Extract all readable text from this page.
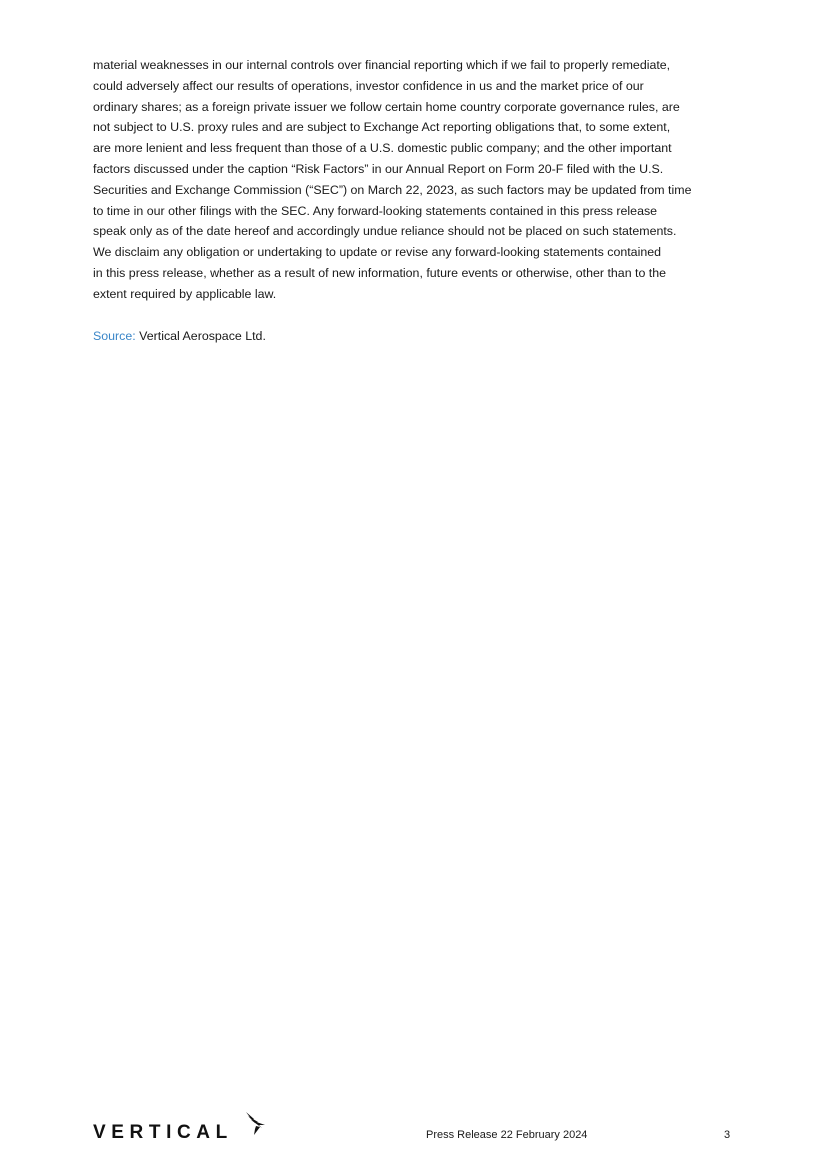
material weaknesses in our internal controls over financial reporting which if we fail to properly remediate,
could adversely affect our results of operations, investor confidence in us and the market price of our
ordinary shares; as a foreign private issuer we follow certain home country corporate governance rules, are
not subject to U.S. proxy rules and are subject to Exchange Act reporting obligations that, to some extent,
are more lenient and less frequent than those of a U.S. domestic public company; and the other important
factors discussed under the caption “Risk Factors” in our Annual Report on Form 20-F filed with the U.S.
Securities and Exchange Commission (“SEC”) on March 22, 2023, as such factors may be updated from time
to time in our other filings with the SEC. Any forward-looking statements contained in this press release
speak only as of the date hereof and accordingly undue reliance should not be placed on such statements.
We disclaim any obligation or undertaking to update or revise any forward-looking statements contained
in this press release, whether as a result of new information, future events or otherwise, other than to the
extent required by applicable law.

Source: Vertical Aerospace Ltd.

VERTICAL	Press Release 22 February 2024	3
